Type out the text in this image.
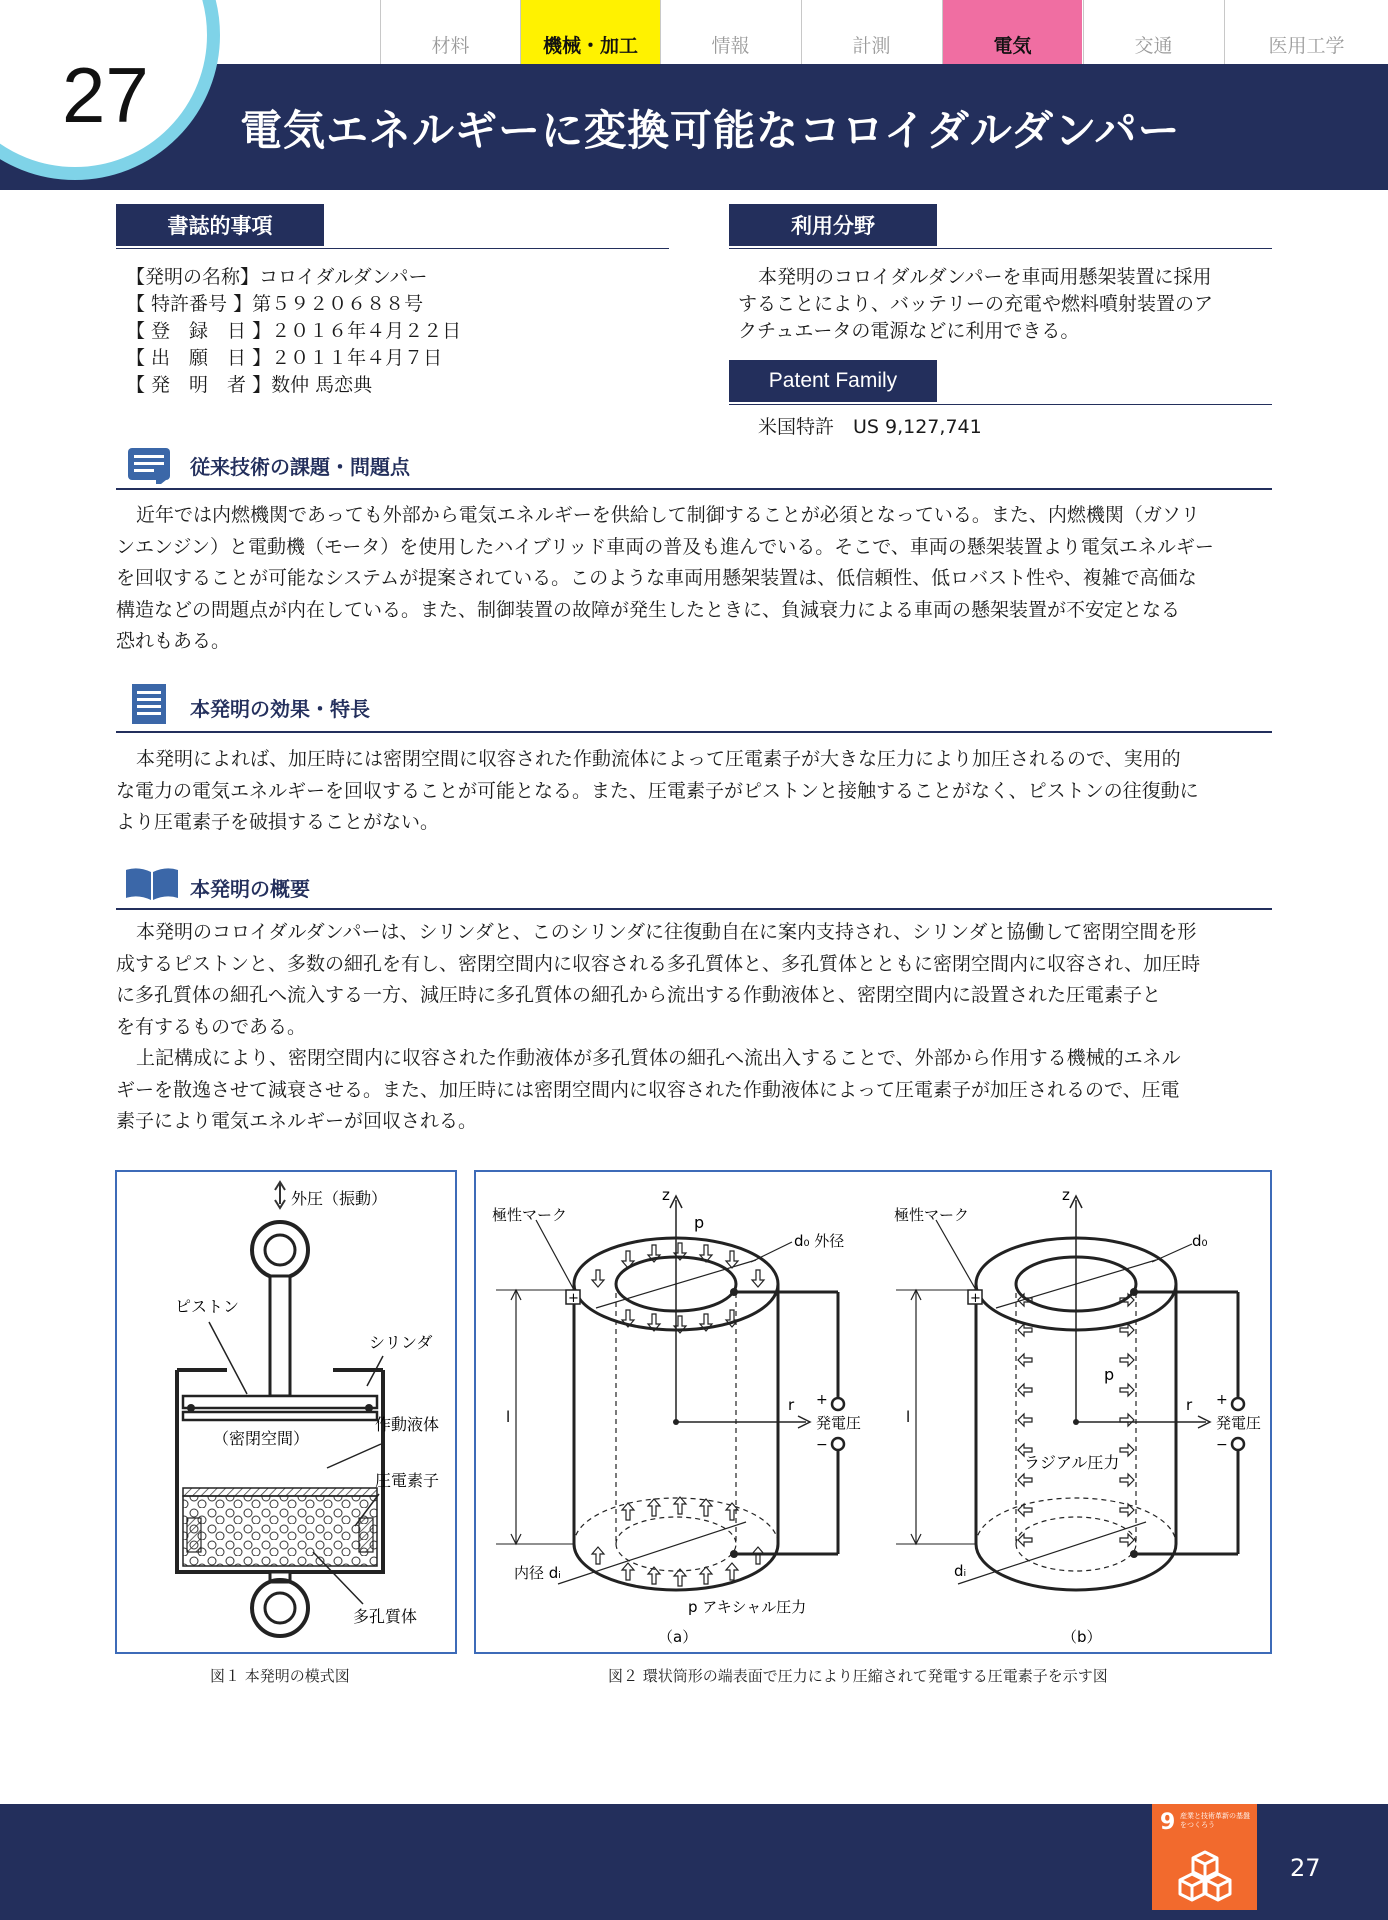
27 電気エネルギーに変換可能なコロイダルダンパー
材料	機械・加工	情報	計測	電気	交通	医用工学
書誌的事項
【発明の名称】コロイダルダンパー
【 特許番号 】第５９２０６８８号
【 登　録　日 】２０１６年４月２２日
【 出　願　日 】２０１１年４月７日
【 発　明　者 】数仲 馬恋典
利用分野
本発明のコロイダルダンパーを車両用懸架装置に採用
することにより、バッテリーの充電や燃料噴射装置のア
クチュエータの電源などに利用できる。
Patent Family
米国特許　US 9,127,741
従来技術の課題・問題点
近年では内燃機関であっても外部から電気エネルギーを供給して制御することが必須となっている。また、内燃機関（ガソリ
ンエンジン）と電動機（モータ）を使用したハイブリッド車両の普及も進んでいる。そこで、車両の懸架装置より電気エネルギー
を回収することが可能なシステムが提案されている。このような車両用懸架装置は、低信頼性、低ロバスト性や、複雑で高価な
構造などの問題点が内在している。また、制御装置の故障が発生したときに、負減衰力による車両の懸架装置が不安定となる
恐れもある。
本発明の効果・特長
本発明によれば、加圧時には密閉空間に収容された作動流体によって圧電素子が大きな圧力により加圧されるので、実用的
な電力の電気エネルギーを回収することが可能となる。また、圧電素子がピストンと接触することがなく、ピストンの往復動に
より圧電素子を破損することがない。
本発明の概要
本発明のコロイダルダンパーは、シリンダと、このシリンダに往復動自在に案内支持され、シリンダと協働して密閉空間を形
成するピストンと、多数の細孔を有し、密閉空間内に収容される多孔質体と、多孔質体とともに密閉空間内に収容され、加圧時
に多孔質体の細孔へ流入する一方、減圧時に多孔質体の細孔から流出する作動液体と、密閉空間内に設置された圧電素子と
を有するものである。
上記構成により、密閉空間内に収容された作動液体が多孔質体の細孔へ流出入することで、外部から作用する機械的エネル
ギーを散逸させて減衰させる。また、加圧時には密閉空間内に収容された作動液体によって圧電素子が加圧されるので、圧電
素子により電気エネルギーが回収される。
外圧（振動）
ピストン
シリンダ
（密閉空間）
作動液体
圧電素子
多孔質体
図１ 本発明の模式図
z
p
r
+
極性マーク
d₀ 外径
l
+
−
発電圧
内径 dᵢ
p アキシャル圧力
（a）
z
p
r
+
極性マーク
d₀
l
+
−
発電圧
ラジアル圧力
dᵢ
（b）
図２ 環状筒形の端表面で圧力により圧縮されて発電する圧電素子を示す図
9 産業と技術革新の基盤をつくろう
27
